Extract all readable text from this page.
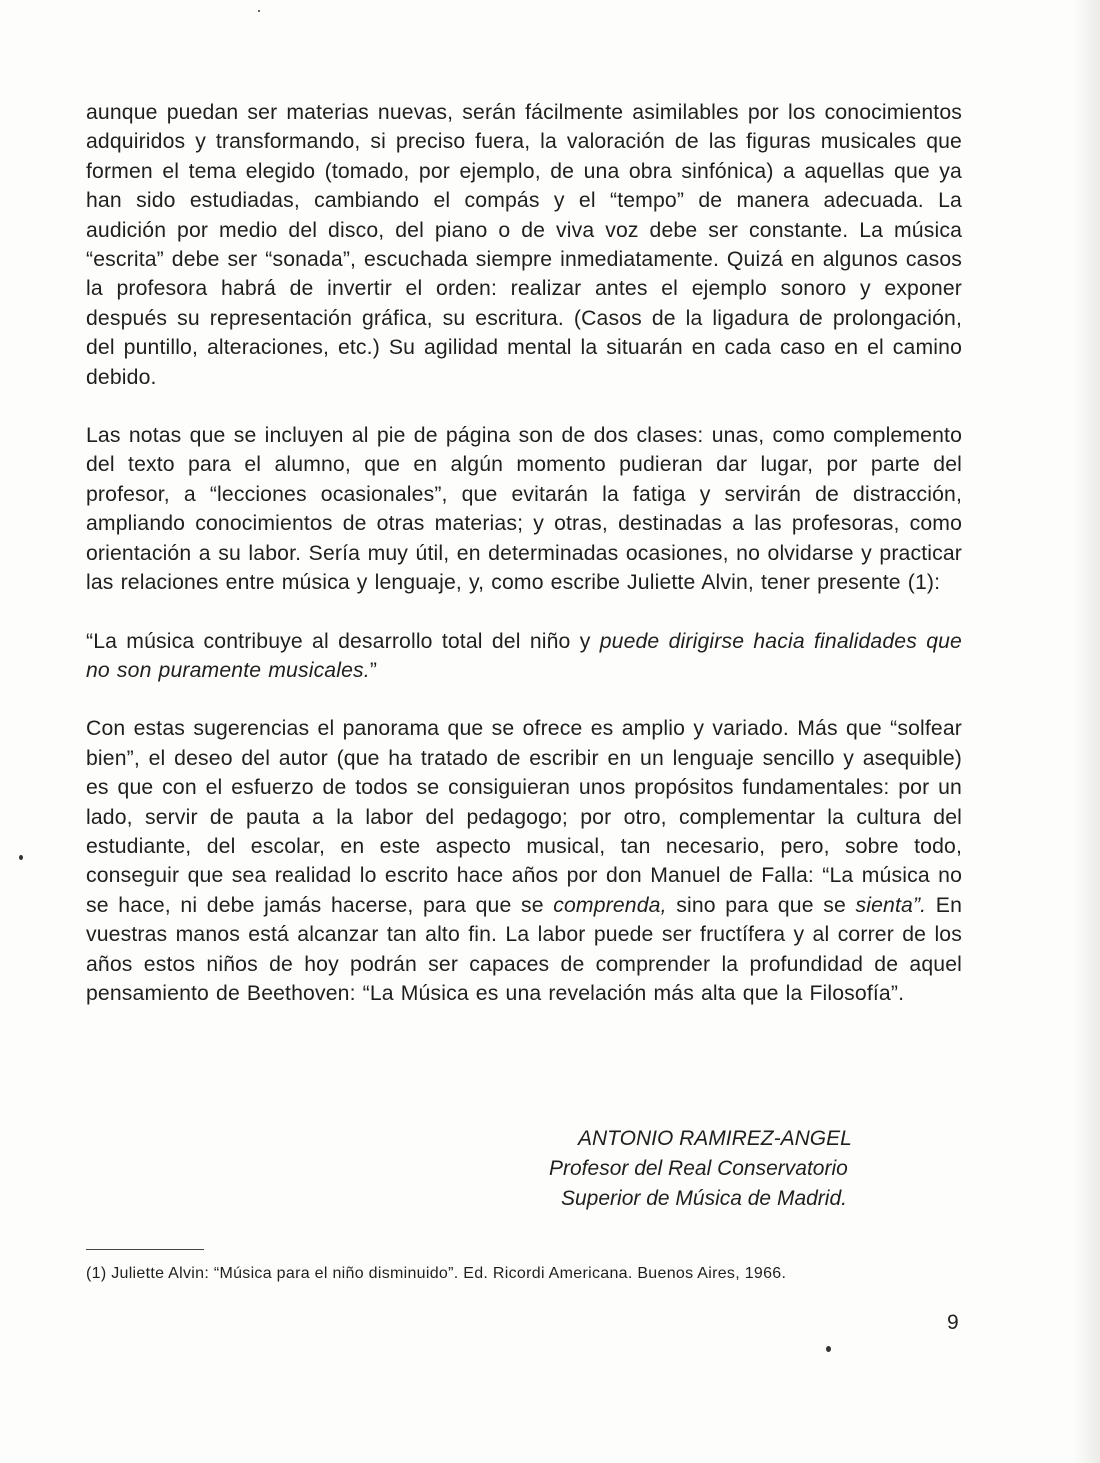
aunque puedan ser materias nuevas, serán fácilmente asimilables por los conocimientos adquiridos y transformando, si preciso fuera, la valoración de las figuras musicales que formen el tema elegido (tomado, por ejemplo, de una obra sinfónica) a aquellas que ya han sido estudiadas, cambiando el compás y el “tempo” de manera adecuada. La audición por medio del disco, del piano o de viva voz debe ser constante. La música “escrita” debe ser “sonada”, escuchada siempre inmediatamente. Quizá en algunos casos la profesora habrá de invertir el orden: realizar antes el ejemplo sonoro y exponer después su representación gráfica, su escritura. (Casos de la ligadura de prolongación, del puntillo, alteraciones, etc.) Su agilidad mental la situarán en cada caso en el camino debido.

Las notas que se incluyen al pie de página son de dos clases: unas, como complemento del texto para el alumno, que en algún momento pudieran dar lugar, por parte del profesor, a “lecciones ocasionales”, que evitarán la fatiga y servirán de distracción, ampliando conocimientos de otras materias; y otras, destinadas a las profesoras, como orientación a su labor. Sería muy útil, en determinadas ocasiones, no olvidarse y practicar las relaciones entre música y lenguaje, y, como escribe Juliette Alvin, tener presente (1):

“La música contribuye al desarrollo total del niño y puede dirigirse hacia finalidades que no son puramente musicales.”

Con estas sugerencias el panorama que se ofrece es amplio y variado. Más que “solfear bien”, el deseo del autor (que ha tratado de escribir en un lenguaje sencillo y asequible) es que con el esfuerzo de todos se consiguieran unos propósitos fundamentales: por un lado, servir de pauta a la labor del pedagogo; por otro, complementar la cultura del estudiante, del escolar, en este aspecto musical, tan necesario, pero, sobre todo, conseguir que sea realidad lo escrito hace años por don Manuel de Falla: “La música no se hace, ni debe jamás hacerse, para que se comprenda, sino para que se sienta”. En vuestras manos está alcanzar tan alto fin. La labor puede ser fructífera y al correr de los años estos niños de hoy podrán ser capaces de comprender la profundidad de aquel pensamiento de Beethoven: “La Música es una revelación más alta que la Filosofía”.

ANTONIO RAMIREZ-ANGEL
Profesor del Real Conservatorio
Superior de Música de Madrid.
(1) Juliette Alvin: “Música para el niño disminuido”. Ed. Ricordi Americana. Buenos Aires, 1966.
9
